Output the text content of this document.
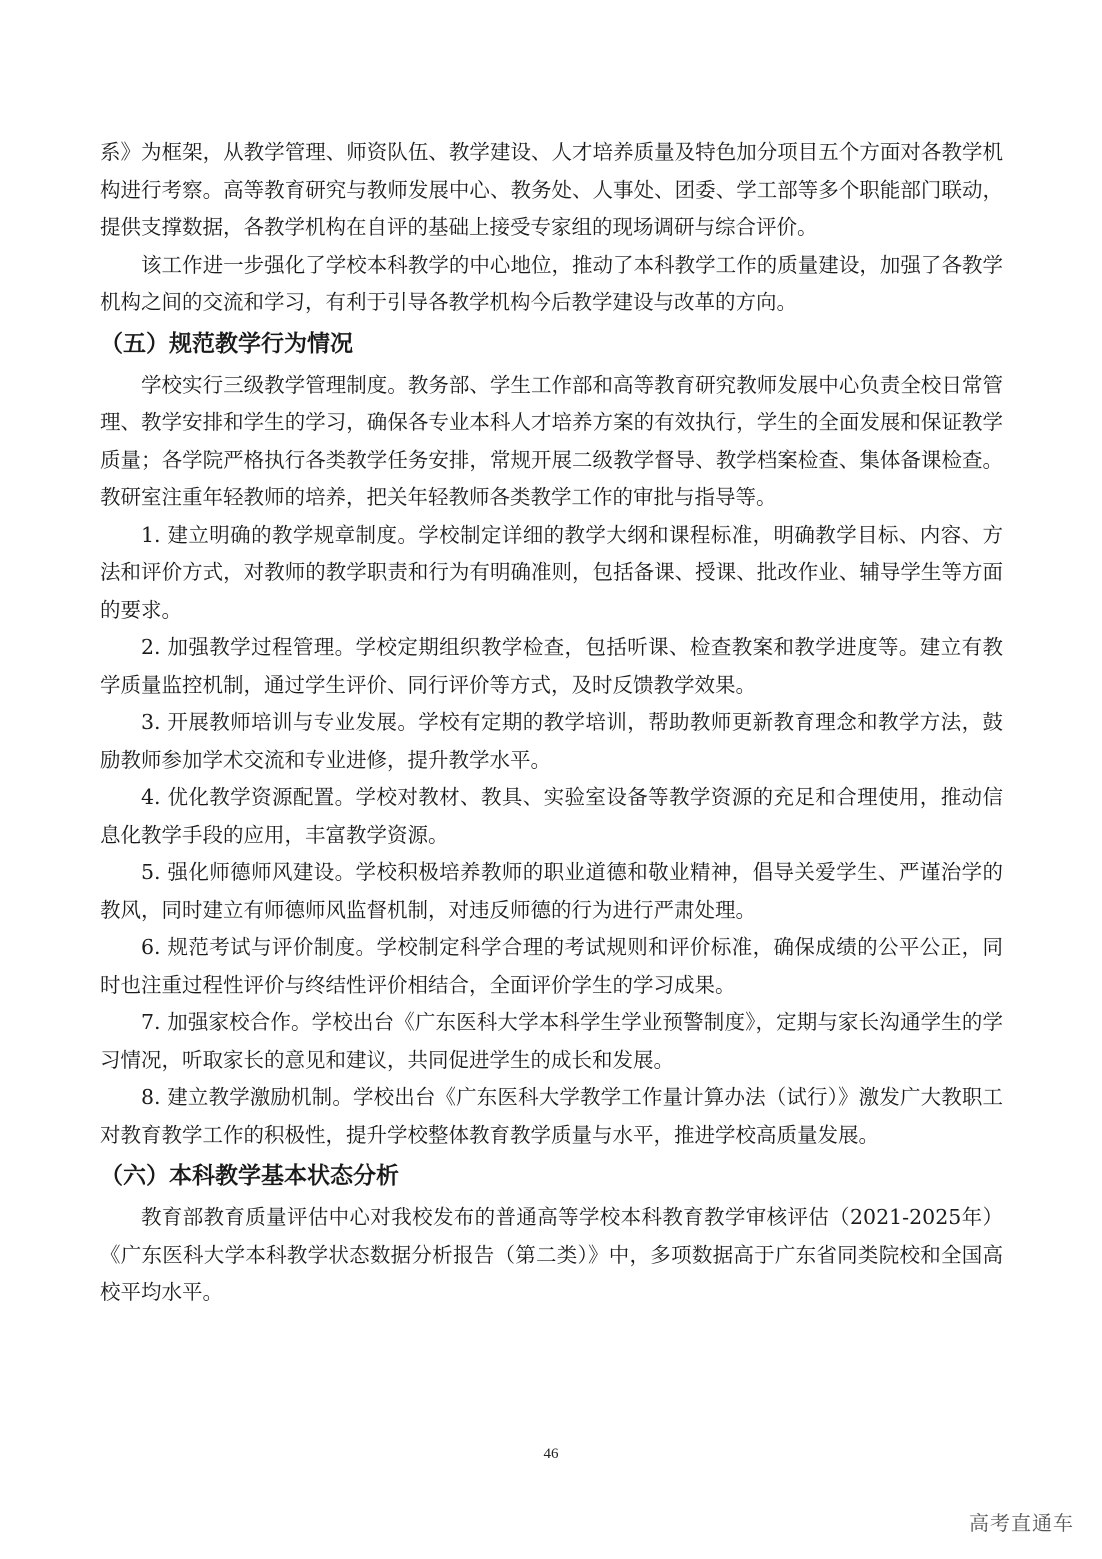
系》为框架，从教学管理、师资队伍、教学建设、人才培养质量及特色加分项目五个方面对各教学机构进行考察。高等教育研究与教师发展中心、教务处、人事处、团委、学工部等多个职能部门联动，提供支撑数据，各教学机构在自评的基础上接受专家组的现场调研与综合评价。

该工作进一步强化了学校本科教学的中心地位，推动了本科教学工作的质量建设，加强了各教学机构之间的交流和学习，有利于引导各教学机构今后教学建设与改革的方向。

（五）规范教学行为情况

学校实行三级教学管理制度。教务部、学生工作部和高等教育研究教师发展中心负责全校日常管理、教学安排和学生的学习，确保各专业本科人才培养方案的有效执行，学生的全面发展和保证教学质量；各学院严格执行各类教学任务安排，常规开展二级教学督导、教学档案检查、集体备课检查。教研室注重年轻教师的培养，把关年轻教师各类教学工作的审批与指导等。

1. 建立明确的教学规章制度。学校制定详细的教学大纲和课程标准，明确教学目标、内容、方法和评价方式，对教师的教学职责和行为有明确准则，包括备课、授课、批改作业、辅导学生等方面的要求。

2. 加强教学过程管理。学校定期组织教学检查，包括听课、检查教案和教学进度等。建立有教学质量监控机制，通过学生评价、同行评价等方式，及时反馈教学效果。

3. 开展教师培训与专业发展。学校有定期的教学培训，帮助教师更新教育理念和教学方法，鼓励教师参加学术交流和专业进修，提升教学水平。

4. 优化教学资源配置。学校对教材、教具、实验室设备等教学资源的充足和合理使用，推动信息化教学手段的应用，丰富教学资源。

5. 强化师德师风建设。学校积极培养教师的职业道德和敬业精神，倡导关爱学生、严谨治学的教风，同时建立有师德师风监督机制，对违反师德的行为进行严肃处理。

6. 规范考试与评价制度。学校制定科学合理的考试规则和评价标准，确保成绩的公平公正，同时也注重过程性评价与终结性评价相结合，全面评价学生的学习成果。

7. 加强家校合作。学校出台《广东医科大学本科学生学业预警制度》，定期与家长沟通学生的学习情况，听取家长的意见和建议，共同促进学生的成长和发展。

8. 建立教学激励机制。学校出台《广东医科大学教学工作量计算办法（试行）》激发广大教职工对教育教学工作的积极性，提升学校整体教育教学质量与水平，推进学校高质量发展。

（六）本科教学基本状态分析

教育部教育质量评估中心对我校发布的普通高等学校本科教育教学审核评估（2021-2025年）《广东医科大学本科教学状态数据分析报告（第二类）》中，多项数据高于广东省同类院校和全国高校平均水平。

46
高考直通车
